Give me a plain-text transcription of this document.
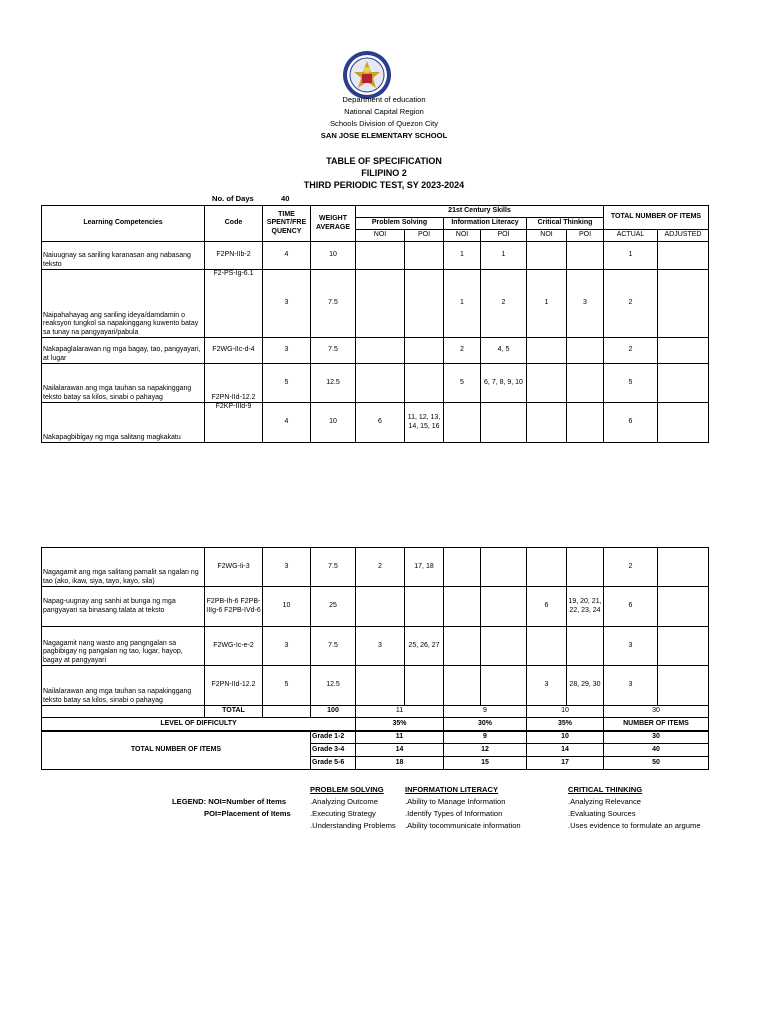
Department of education
National Capital Region
Schools Division of Quezon City
SAN JOSE ELEMENTARY SCHOOL
TABLE OF SPECIFICATION
FILIPINO 2
THIRD PERIODIC TEST, SY 2023-2024
No. of Days	40
Learning Competencies	Code	TIME SPENT/FRE QUENCY	WEIGHT AVERAGE	21st Century Skills						TOTAL NUMBER OF ITEMS	
				Problem Solving		Information Literacy		Critical Thinking			
				NOI	POI	NOI	POI	NOI	POI	ACTUAL	ADJUSTED
Naiuugnay sa sariling karanasan ang nabasang teksto	F2PN-IIb-2	4	10			1	1			1	
Naipahahayag ang sariling ideya/damdamin o reaksyon tungkol sa napakinggang kuwento batay sa tunay na pangyayari/pabula	F2-PS-Ig-6.1	3	7.5			1	2	1	3	2	
Nakapaglalarawan ng mga bagay, tao, pangyayari, at lugar	F2WG-IIc-d-4	3	7.5			2	4, 5			2	
Nailalarawan ang mga tauhan sa napakinggang teksto batay sa kilos, sinabi o pahayag	F2PN-IId-12.2	5	12.5			5	6, 7, 8, 9, 10			5	
Nakapagbibigay ng mga salitang magkakatu	F2KP-IIId-9	4	10	6	11, 12, 13, 14, 15, 16					6	
Nagagamit ang mga salitang pamalit sa ngalan ng tao (ako, ikaw, siya, tayo, kayo, sila)	F2WG-Ii-3	3	7.5	2	17, 18					2	
Napag-uugnay ang sanhi at bunga ng mga pangyayari sa binasang talata at teksto	F2PB-Ih-6 F2PB-IIIg-6 F2PB-IVd-6	10	25					6	19, 20, 21, 22, 23, 24	6	
Nagagamit nang wasto ang pangngalan sa pagbibigay ng pangalan ng tao, lugar, hayop, bagay at pangyayari	F2WG-Ic-e-2	3	7.5	3	25, 26, 27					3	
Nailalarawan ang mga tauhan sa napakinggang teksto batay sa kilos, sinabi o pahayag	F2PN-IId-12.2	5	12.5					3	28, 29, 30	3	
	TOTAL		100	11		9		10		30	
LEVEL OF DIFFICULTY				35%		30%		35%		NUMBER OF ITEMS	
TOTAL NUMBER OF ITEMS			Grade 1-2	11		9		10		30	
			Grade 3-4	14		12		14		40	
			Grade 5-6	18		15		17		50	
LEGEND: NOI=Number of Items
POI=Placement of Items
PROBLEM SOLVING
.Analyzing Outcome
.Executing Strategy
.Understanding Problems
INFORMATION LITERACY
.Ability to Manage Information
.Identify Types of Information
.Ability tocommunicate information
CRITICAL THINKING
.Analyzing Relevance
.Evaluating Sources
.Uses evidence to formulate an argume
